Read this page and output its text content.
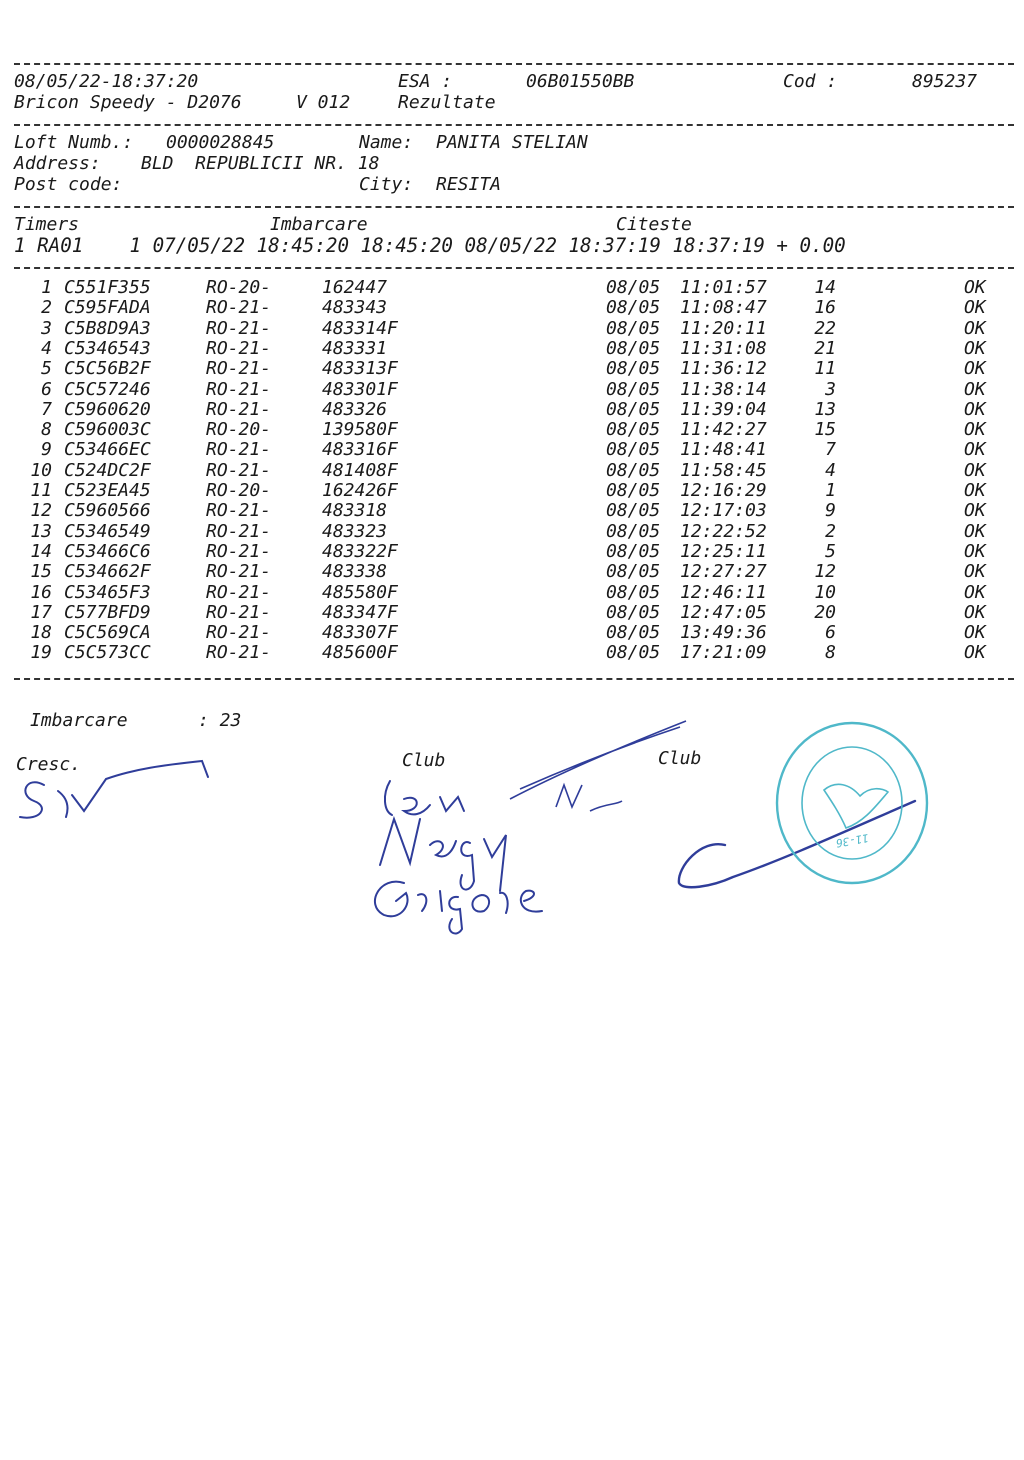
08/05/22-18:37:20	ESA :	06B01550BB	Cod :	895237
Bricon Speedy - D2076	V 012	Rezultate
Loft Numb.: 0000028845	Name: PANITA STELIAN
Address: BLD  REPUBLICII NR. 18
Post code:	City: RESITA
Timers	Imbarcare	Citeste
1 RA01    1 07/05/22 18:45:20 18:45:20 08/05/22 18:37:19 18:37:19 + 0.00
1 C551F355	RO-20-	162447	08/05 11:01:57	14	OK
2 C595FADA	RO-21-	483343	08/05 11:08:47	16	OK
3 C5B8D9A3	RO-21-	483314F	08/05 11:20:11	22	OK
4 C5346543	RO-21-	483331	08/05 11:31:08	21	OK
5 C5C56B2F	RO-21-	483313F	08/05 11:36:12	11	OK
6 C5C57246	RO-21-	483301F	08/05 11:38:14	3	OK
7 C5960620	RO-21-	483326	08/05 11:39:04	13	OK
8 C596003C	RO-20-	139580F	08/05 11:42:27	15	OK
9 C53466EC	RO-21-	483316F	08/05 11:48:41	7	OK
10 C524DC2F	RO-21-	481408F	08/05 11:58:45	4	OK
11 C523EA45	RO-20-	162426F	08/05 12:16:29	1	OK
12 C5960566	RO-21-	483318	08/05 12:17:03	9	OK
13 C5346549	RO-21-	483323	08/05 12:22:52	2	OK
14 C53466C6	RO-21-	483322F	08/05 12:25:11	5	OK
15 C534662F	RO-21-	483338	08/05 12:27:27	12	OK
16 C53465F3	RO-21-	485580F	08/05 12:46:11	10	OK
17 C577BFD9	RO-21-	483347F	08/05 12:47:05	20	OK
18 C5C569CA	RO-21-	483307F	08/05 13:49:36	6	OK
19 C5C573CC	RO-21-	485600F	08/05 17:21:09	8	OK
Imbarcare	: 23
Cresc.	Club	Club
11-36
